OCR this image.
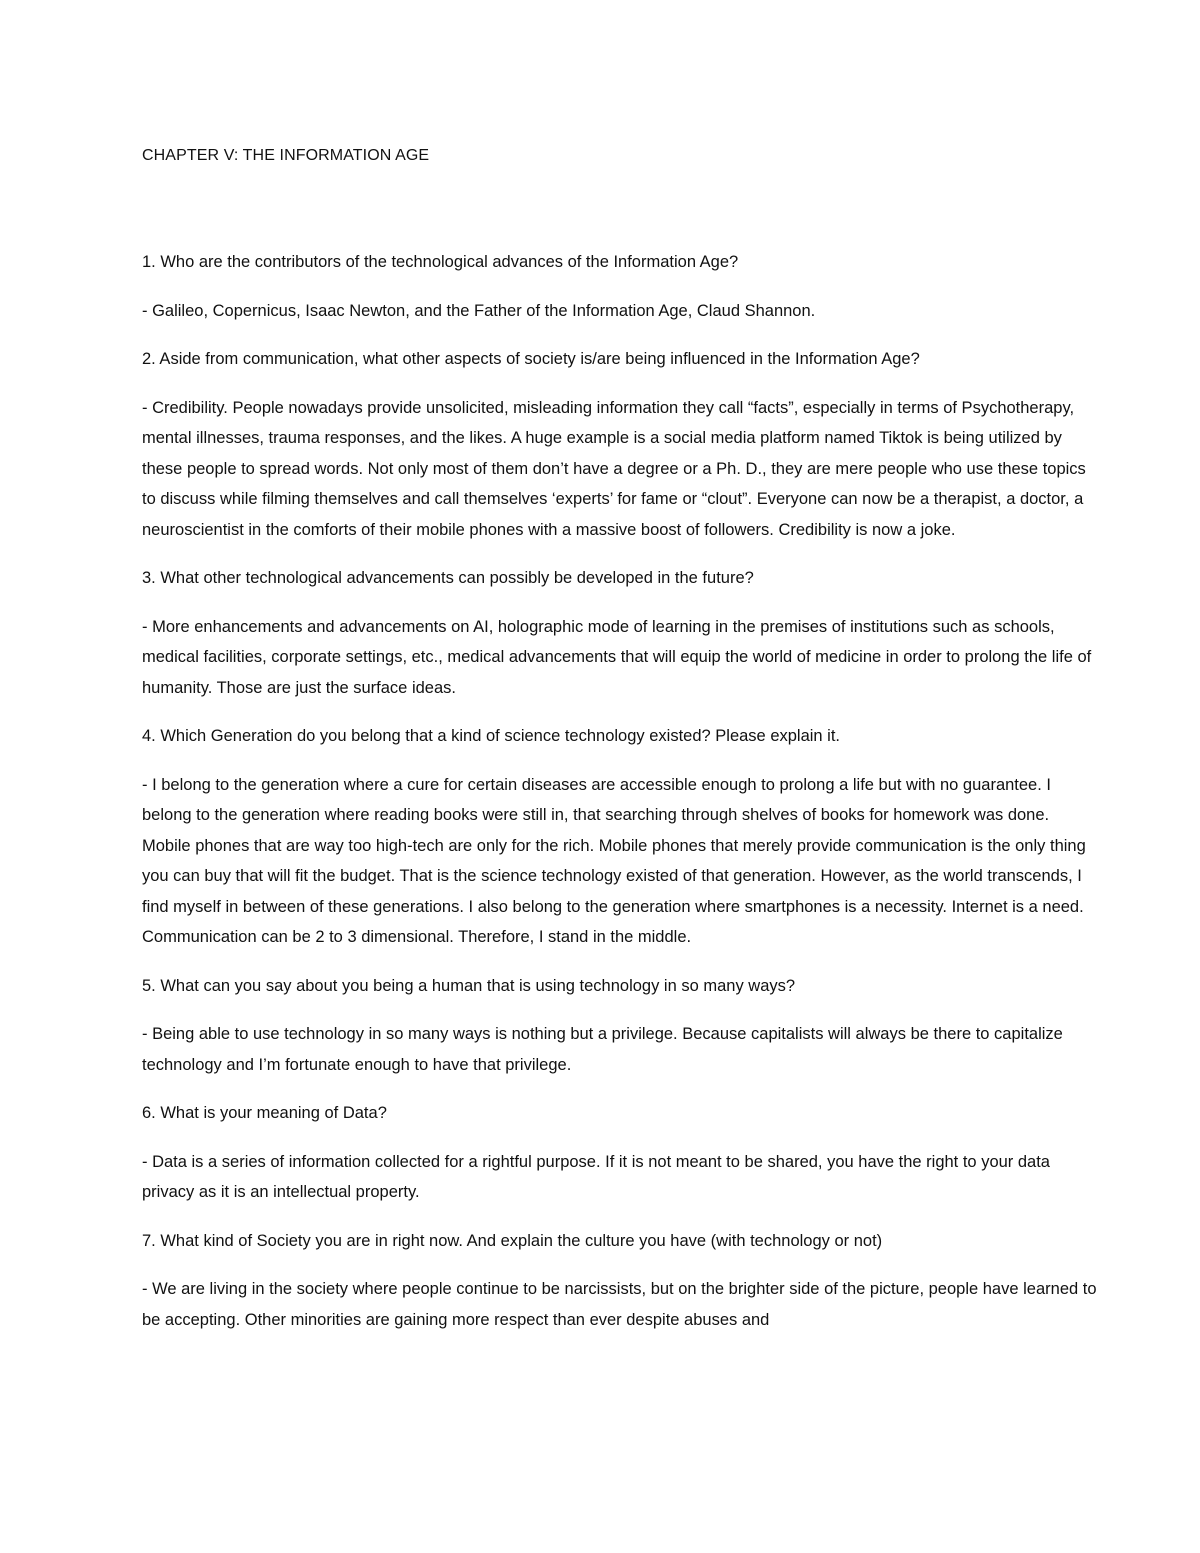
CHAPTER V: THE INFORMATION AGE
1. Who are the contributors of the technological advances of the Information Age?
- Galileo, Copernicus, Isaac Newton, and the Father of the Information Age, Claud Shannon.
2. Aside from communication, what other aspects of society is/are being influenced in the Information Age?
- Credibility. People nowadays provide unsolicited, misleading information they call “facts”, especially in terms of Psychotherapy, mental illnesses, trauma responses, and the likes. A huge example is a social media platform named Tiktok is being utilized by these people to spread words. Not only most of them don’t have a degree or a Ph. D., they are mere people who use these topics to discuss while filming themselves and call themselves ‘experts’ for fame or “clout”. Everyone can now be a therapist, a doctor, a neuroscientist in the comforts of their mobile phones with a massive boost of followers. Credibility is now a joke.
3. What other technological advancements can possibly be developed in the future?
- More enhancements and advancements on AI, holographic mode of learning in the premises of institutions such as schools, medical facilities, corporate settings, etc., medical advancements that will equip the world of medicine in order to prolong the life of humanity. Those are just the surface ideas.
4. Which Generation do you belong that a kind of science technology existed? Please explain it.
- I belong to the generation where a cure for certain diseases are accessible enough to prolong a life but with no guarantee. I belong to the generation where reading books were still in, that searching through shelves of books for homework was done. Mobile phones that are way too high-tech are only for the rich. Mobile phones that merely provide communication is the only thing you can buy that will fit the budget. That is the science technology existed of that generation. However, as the world transcends, I find myself in between of these generations. I also belong to the generation where smartphones is a necessity. Internet is a need. Communication can be 2 to 3 dimensional. Therefore, I stand in the middle.
5. What can you say about you being a human that is using technology in so many ways?
- Being able to use technology in so many ways is nothing but a privilege. Because capitalists will always be there to capitalize technology and I’m fortunate enough to have that privilege.
6. What is your meaning of Data?
- Data is a series of information collected for a rightful purpose. If it is not meant to be shared, you have the right to your data privacy as it is an intellectual property.
7. What kind of Society you are in right now. And explain the culture you have (with technology or not)
- We are living in the society where people continue to be narcissists, but on the brighter side of the picture, people have learned to be accepting. Other minorities are gaining more respect than ever despite abuses and
